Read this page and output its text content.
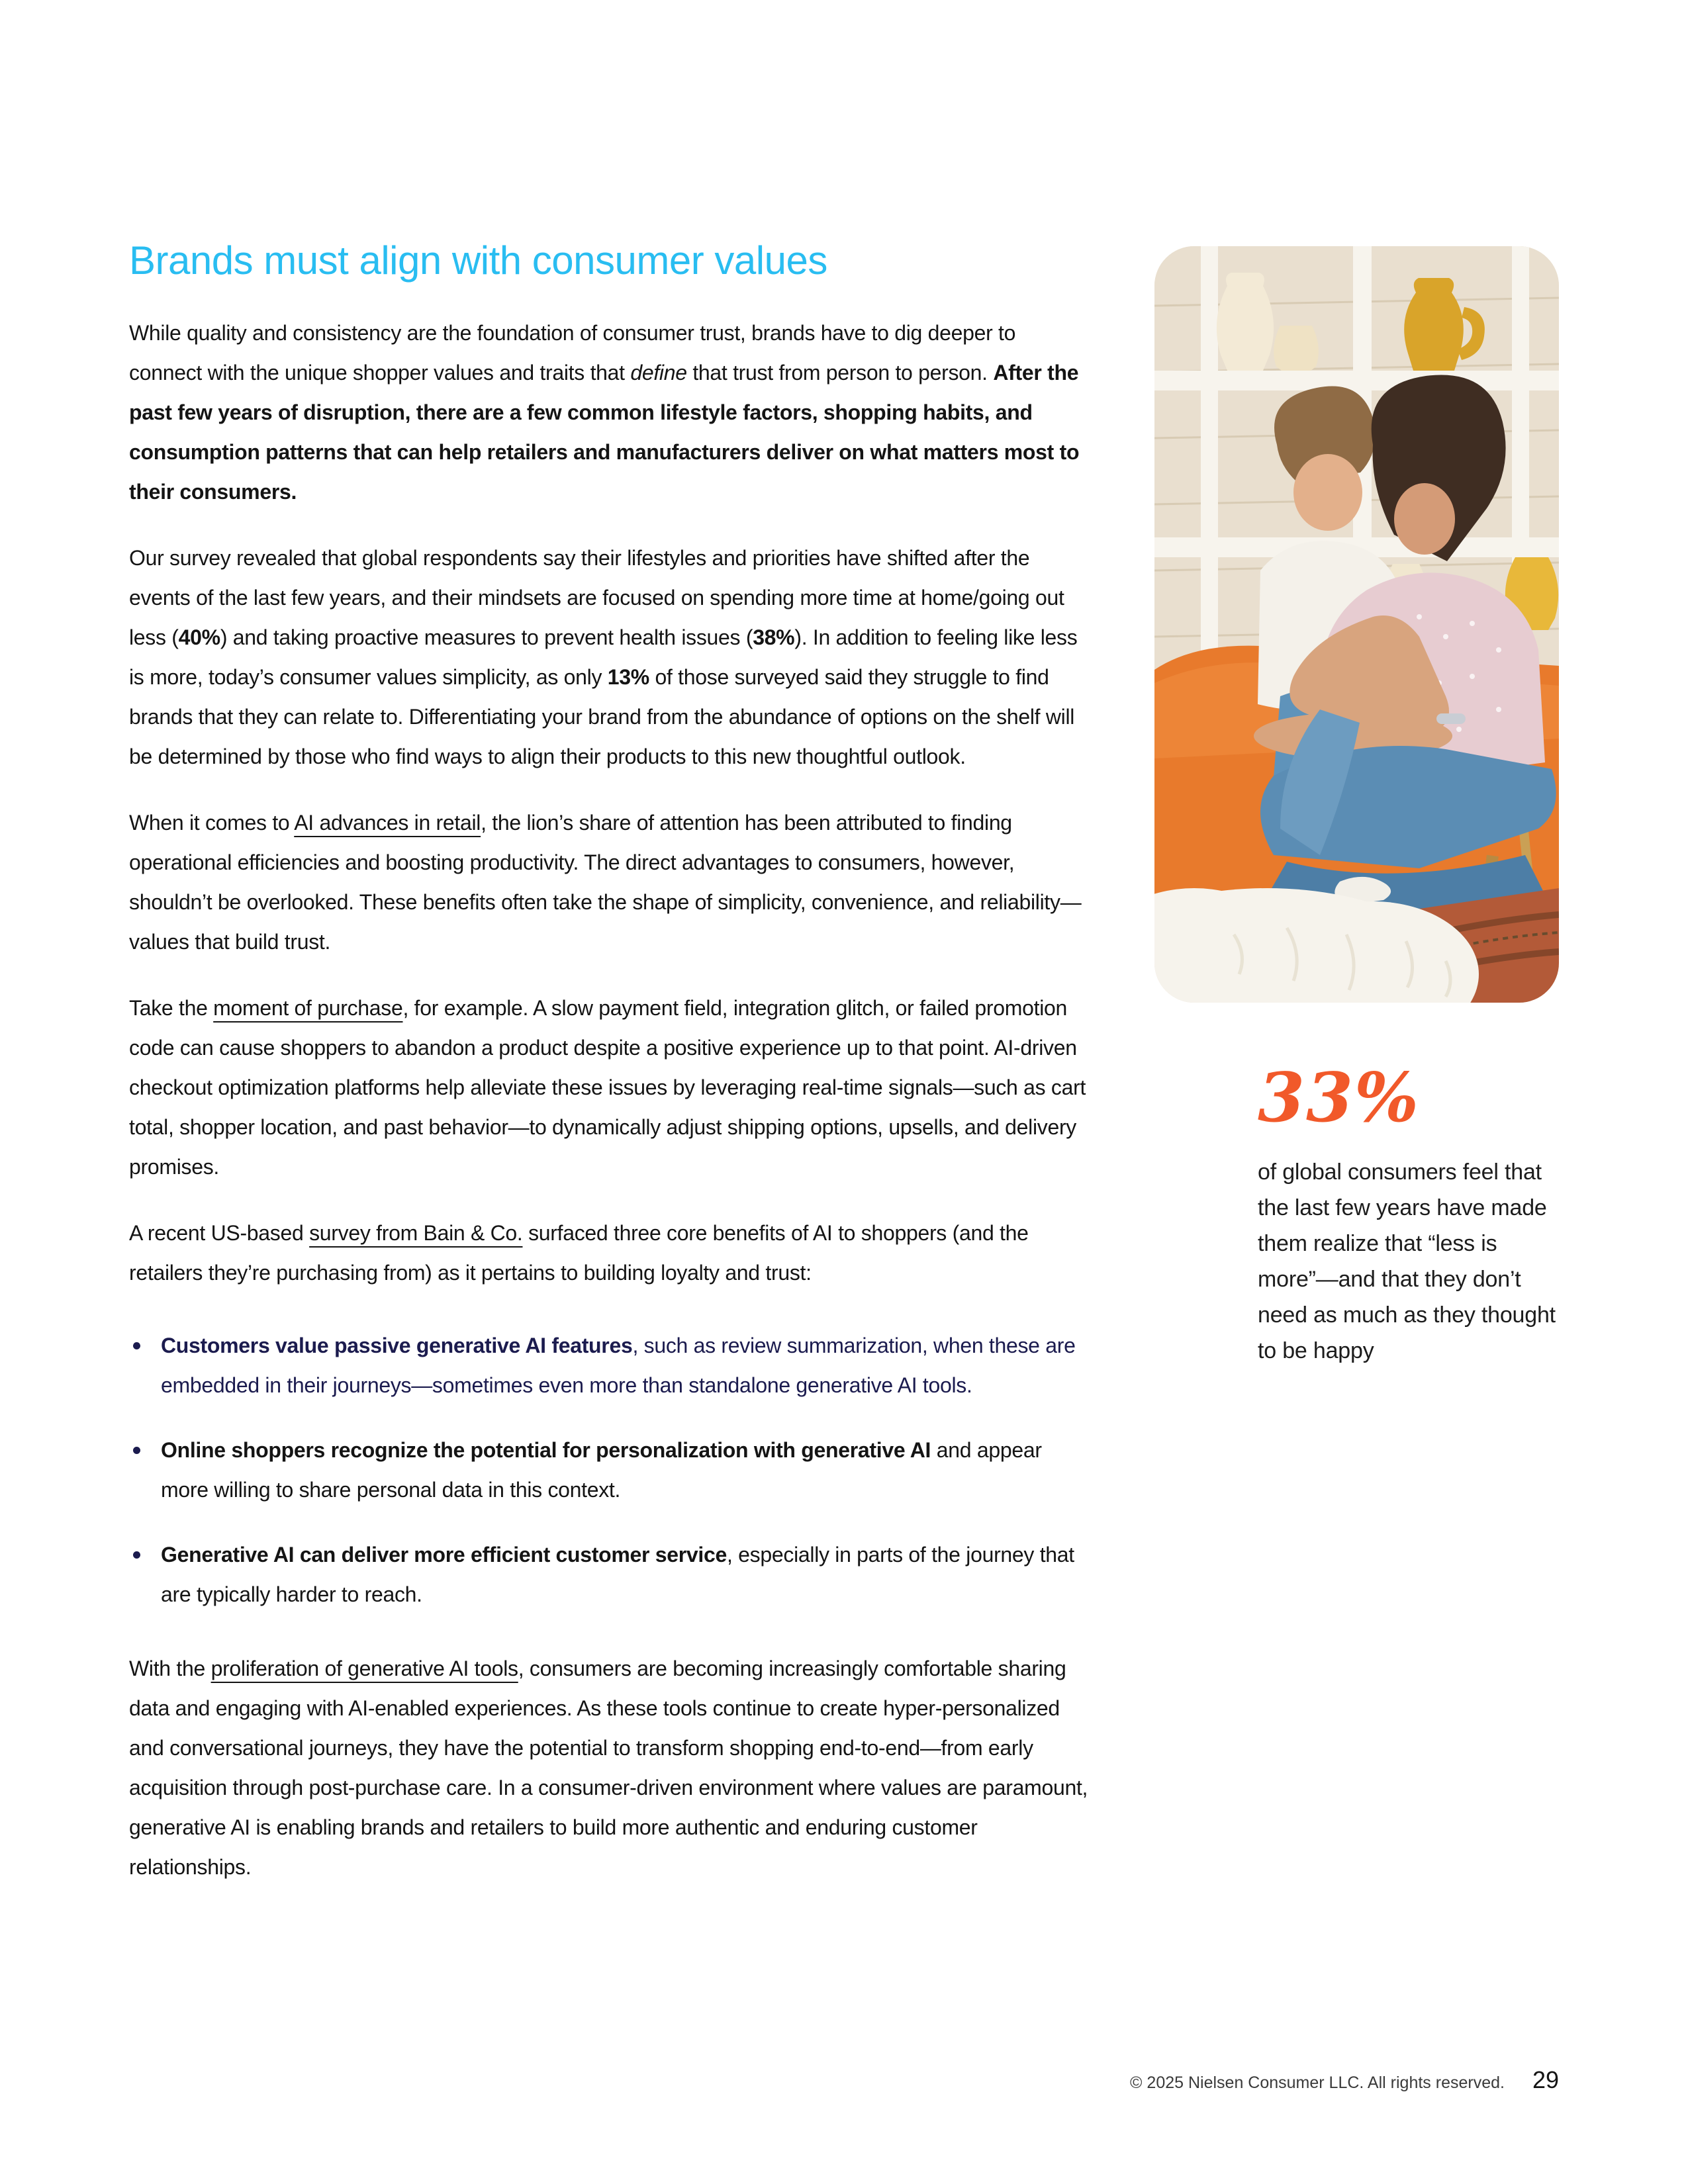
Brands must align with consumer values

While quality and consistency are the foundation of consumer trust, brands have to dig deeper to connect with the unique shopper values and traits that define that trust from person to person. After the past few years of disruption, there are a few common lifestyle factors, shopping habits, and consumption patterns that can help retailers and manufacturers deliver on what matters most to their consumers.

Our survey revealed that global respondents say their lifestyles and priorities have shifted after the events of the last few years, and their mindsets are focused on spending more time at home/going out less (40%) and taking proactive measures to prevent health issues (38%). In addition to feeling like less is more, today’s consumer values simplicity, as only 13% of those surveyed said they struggle to find brands that they can relate to. Differentiating your brand from the abundance of options on the shelf will be determined by those who find ways to align their products to this new thoughtful outlook.

When it comes to AI advances in retail, the lion’s share of attention has been attributed to finding operational efficiencies and boosting productivity. The direct advantages to consumers, however, shouldn’t be overlooked. These benefits often take the shape of simplicity, convenience, and reliability—values that build trust.

Take the moment of purchase, for example. A slow payment field, integration glitch, or failed promotion code can cause shoppers to abandon a product despite a positive experience up to that point. AI-driven checkout optimization platforms help alleviate these issues by leveraging real-time signals—such as cart total, shopper location, and past behavior—to dynamically adjust shipping options, upsells, and delivery promises.

A recent US-based survey from Bain & Co. surfaced three core benefits of AI to shoppers (and the retailers they’re purchasing from) as it pertains to building loyalty and trust:

Customers value passive generative AI features, such as review summarization, when these are embedded in their journeys—sometimes even more than standalone generative AI tools.
Online shoppers recognize the potential for personalization with generative AI and appear more willing to share personal data in this context.
Generative AI can deliver more efficient customer service, especially in parts of the journey that are typically harder to reach.

With the proliferation of generative AI tools, consumers are becoming increasingly comfortable sharing data and engaging with AI-enabled experiences. As these tools continue to create hyper-personalized and conversational journeys, they have the potential to transform shopping end-to-end—from early acquisition through post-purchase care. In a consumer-driven environment where values are paramount, generative AI is enabling brands and retailers to build more authentic and enduring customer relationships.

33%

of global consumers feel that the last few years have made them realize that “less is more”—and that they don’t need as much as they thought to be happy

© 2025 Nielsen Consumer LLC. All rights reserved. 29
